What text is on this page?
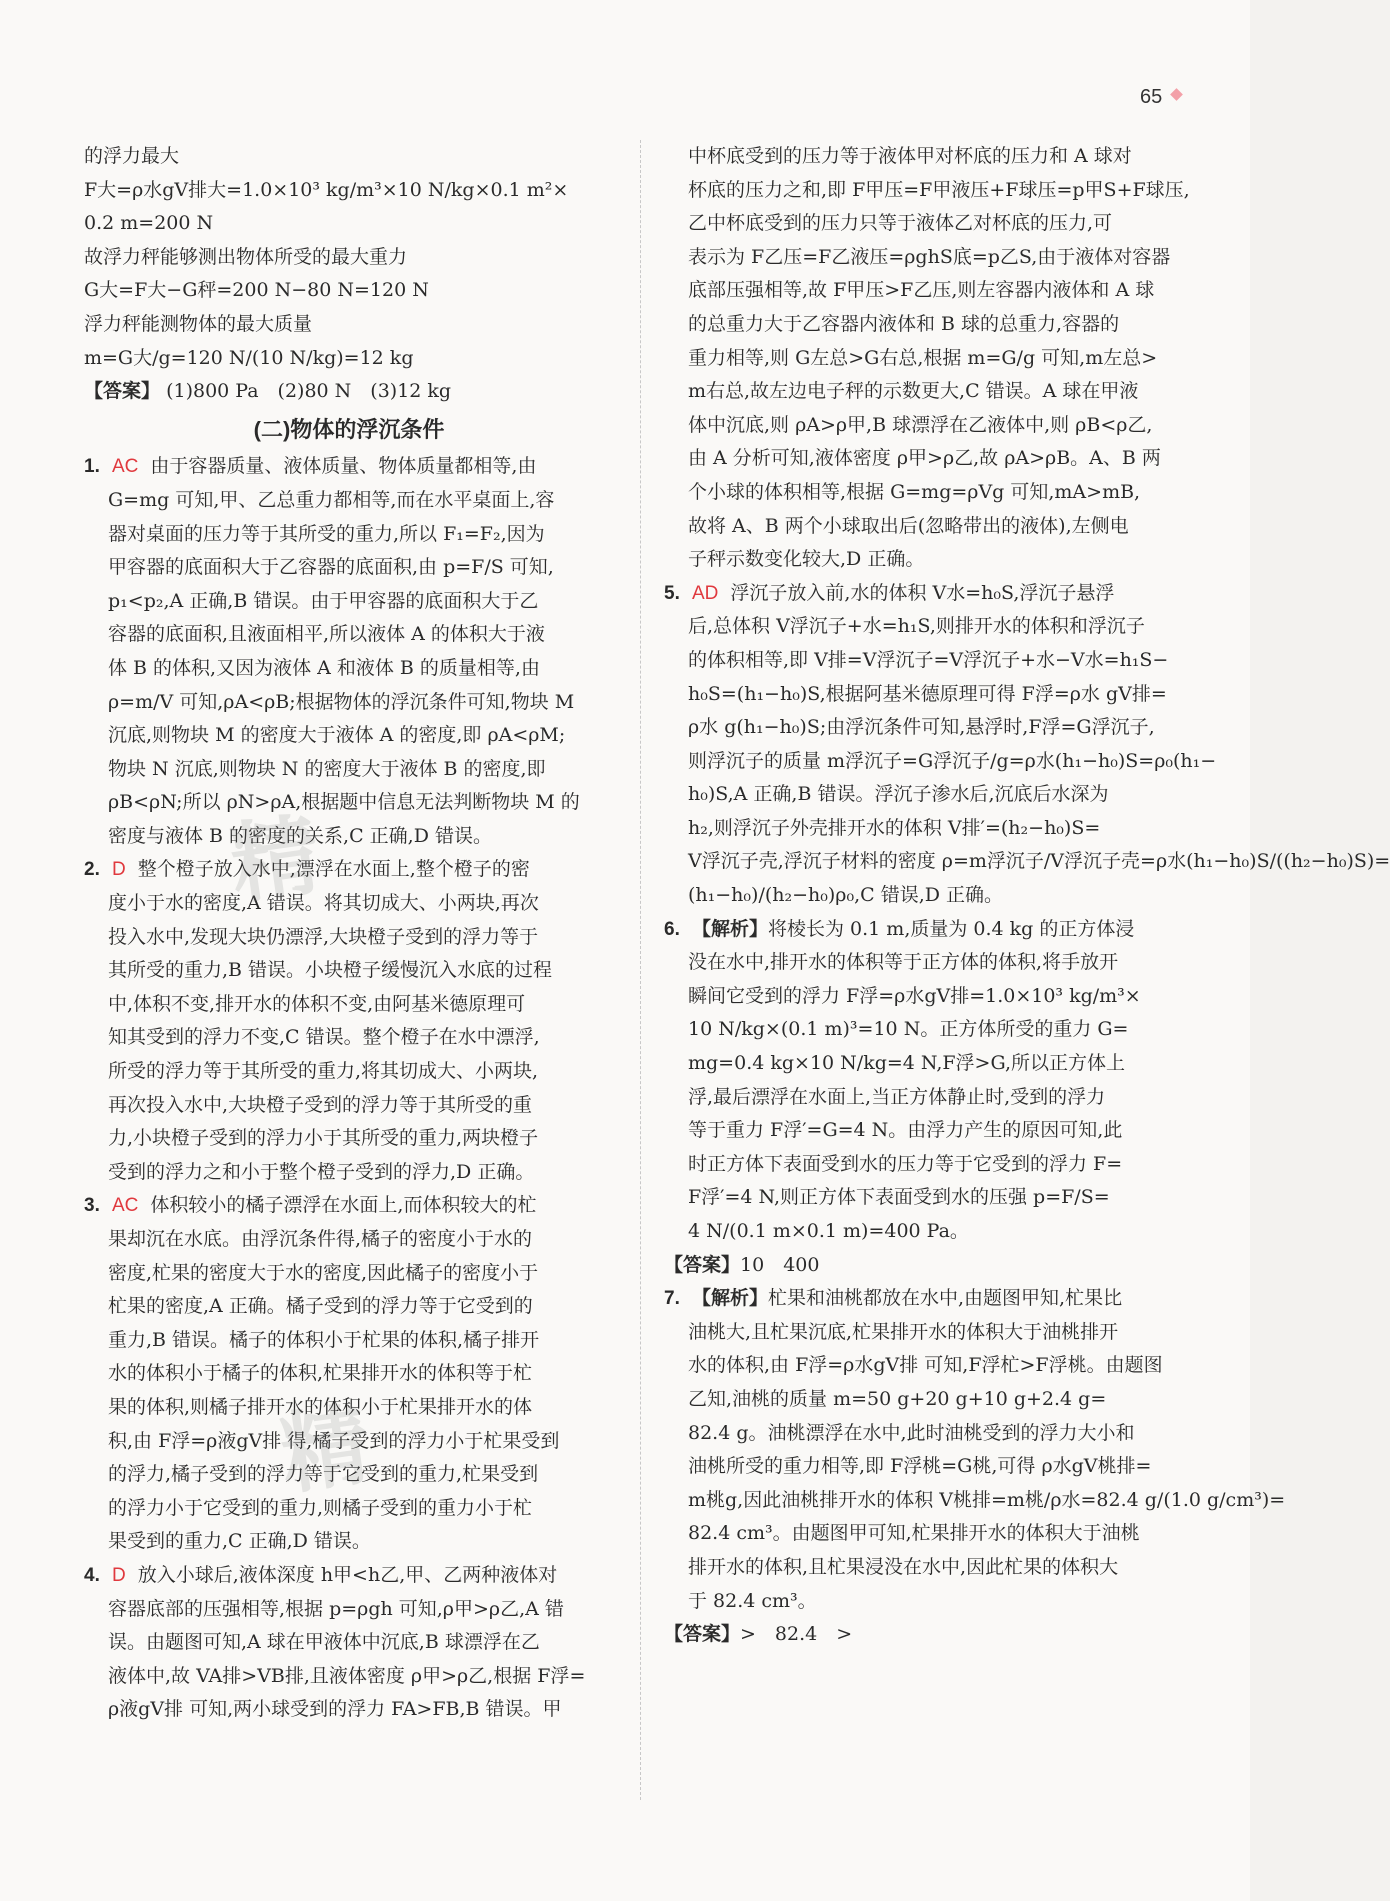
65
的浮力最大
F大=ρ水gV排大=1.0×10³ kg/m³×10 N/kg×0.1 m²×
0.2 m=200 N
故浮力秤能够测出物体所受的最大重力
G大=F大−G秤=200 N−80 N=120 N
浮力秤能测物体的最大质量
m=G大/g=120 N/(10 N/kg)=12 kg
【答案】 (1)800 Pa　(2)80 N　(3)12 kg
(二)物体的浮沉条件
1. AC 由于容器质量、液体质量、物体质量都相等,由
G=mg 可知,甲、乙总重力都相等,而在水平桌面上,容
器对桌面的压力等于其所受的重力,所以 F₁=F₂,因为
甲容器的底面积大于乙容器的底面积,由 p=F/S 可知,
p₁<p₂,A 正确,B 错误。由于甲容器的底面积大于乙
容器的底面积,且液面相平,所以液体 A 的体积大于液
体 B 的体积,又因为液体 A 和液体 B 的质量相等,由
ρ=m/V 可知,ρA<ρB;根据物体的浮沉条件可知,物块 M
沉底,则物块 M 的密度大于液体 A 的密度,即 ρA<ρM;
物块 N 沉底,则物块 N 的密度大于液体 B 的密度,即
ρB<ρN;所以 ρN>ρA,根据题中信息无法判断物块 M 的
密度与液体 B 的密度的关系,C 正确,D 错误。
2. D 整个橙子放入水中,漂浮在水面上,整个橙子的密
度小于水的密度,A 错误。将其切成大、小两块,再次
投入水中,发现大块仍漂浮,大块橙子受到的浮力等于
其所受的重力,B 错误。小块橙子缓慢沉入水底的过程
中,体积不变,排开水的体积不变,由阿基米德原理可
知其受到的浮力不变,C 错误。整个橙子在水中漂浮,
所受的浮力等于其所受的重力,将其切成大、小两块,
再次投入水中,大块橙子受到的浮力等于其所受的重
力,小块橙子受到的浮力小于其所受的重力,两块橙子
受到的浮力之和小于整个橙子受到的浮力,D 正确。
3. AC 体积较小的橘子漂浮在水面上,而体积较大的杧
果却沉在水底。由浮沉条件得,橘子的密度小于水的
密度,杧果的密度大于水的密度,因此橘子的密度小于
杧果的密度,A 正确。橘子受到的浮力等于它受到的
重力,B 错误。橘子的体积小于杧果的体积,橘子排开
水的体积小于橘子的体积,杧果排开水的体积等于杧
果的体积,则橘子排开水的体积小于杧果排开水的体
积,由 F浮=ρ液gV排 得,橘子受到的浮力小于杧果受到
的浮力,橘子受到的浮力等于它受到的重力,杧果受到
的浮力小于它受到的重力,则橘子受到的重力小于杧
果受到的重力,C 正确,D 错误。
4. D 放入小球后,液体深度 h甲<h乙,甲、乙两种液体对
容器底部的压强相等,根据 p=ρgh 可知,ρ甲>ρ乙,A 错
误。由题图可知,A 球在甲液体中沉底,B 球漂浮在乙
液体中,故 VA排>VB排,且液体密度 ρ甲>ρ乙,根据 F浮=
ρ液gV排 可知,两小球受到的浮力 FA>FB,B 错误。甲
中杯底受到的压力等于液体甲对杯底的压力和 A 球对
杯底的压力之和,即 F甲压=F甲液压+F球压=p甲S+F球压,
乙中杯底受到的压力只等于液体乙对杯底的压力,可
表示为 F乙压=F乙液压=ρghS底=p乙S,由于液体对容器
底部压强相等,故 F甲压>F乙压,则左容器内液体和 A 球
的总重力大于乙容器内液体和 B 球的总重力,容器的
重力相等,则 G左总>G右总,根据 m=G/g 可知,m左总>
m右总,故左边电子秤的示数更大,C 错误。A 球在甲液
体中沉底,则 ρA>ρ甲,B 球漂浮在乙液体中,则 ρB<ρ乙,
由 A 分析可知,液体密度 ρ甲>ρ乙,故 ρA>ρB。A、B 两
个小球的体积相等,根据 G=mg=ρVg 可知,mA>mB,
故将 A、B 两个小球取出后(忽略带出的液体),左侧电
子秤示数变化较大,D 正确。
5. AD 浮沉子放入前,水的体积 V水=h₀S,浮沉子悬浮
后,总体积 V浮沉子+水=h₁S,则排开水的体积和浮沉子
的体积相等,即 V排=V浮沉子=V浮沉子+水−V水=h₁S−
h₀S=(h₁−h₀)S,根据阿基米德原理可得 F浮=ρ水 gV排=
ρ水 g(h₁−h₀)S;由浮沉条件可知,悬浮时,F浮=G浮沉子,
则浮沉子的质量 m浮沉子=G浮沉子/g=ρ水(h₁−h₀)S=ρ₀(h₁−
h₀)S,A 正确,B 错误。浮沉子渗水后,沉底后水深为
h₂,则浮沉子外壳排开水的体积 V排′=(h₂−h₀)S=
V浮沉子壳,浮沉子材料的密度 ρ=m浮沉子/V浮沉子壳=ρ水(h₁−h₀)S/((h₂−h₀)S)=
(h₁−h₀)/(h₂−h₀)ρ₀,C 错误,D 正确。
6. 【解析】将棱长为 0.1 m,质量为 0.4 kg 的正方体浸
没在水中,排开水的体积等于正方体的体积,将手放开
瞬间它受到的浮力 F浮=ρ水gV排=1.0×10³ kg/m³×
10 N/kg×(0.1 m)³=10 N。正方体所受的重力 G=
mg=0.4 kg×10 N/kg=4 N,F浮>G,所以正方体上
浮,最后漂浮在水面上,当正方体静止时,受到的浮力
等于重力 F浮′=G=4 N。由浮力产生的原因可知,此
时正方体下表面受到水的压力等于它受到的浮力 F=
F浮′=4 N,则正方体下表面受到水的压强 p=F/S=
4 N/(0.1 m×0.1 m)=400 Pa。
【答案】10　400
7. 【解析】杧果和油桃都放在水中,由题图甲知,杧果比
油桃大,且杧果沉底,杧果排开水的体积大于油桃排开
水的体积,由 F浮=ρ水gV排 可知,F浮杧>F浮桃。由题图
乙知,油桃的质量 m=50 g+20 g+10 g+2.4 g=
82.4 g。油桃漂浮在水中,此时油桃受到的浮力大小和
油桃所受的重力相等,即 F浮桃=G桃,可得 ρ水gV桃排=
m桃g,因此油桃排开水的体积 V桃排=m桃/ρ水=82.4 g/(1.0 g/cm³)=
82.4 cm³。由题图甲可知,杧果排开水的体积大于油桃
排开水的体积,且杧果浸没在水中,因此杧果的体积大
于 82.4 cm³。
【答案】>　82.4　>
精
精
